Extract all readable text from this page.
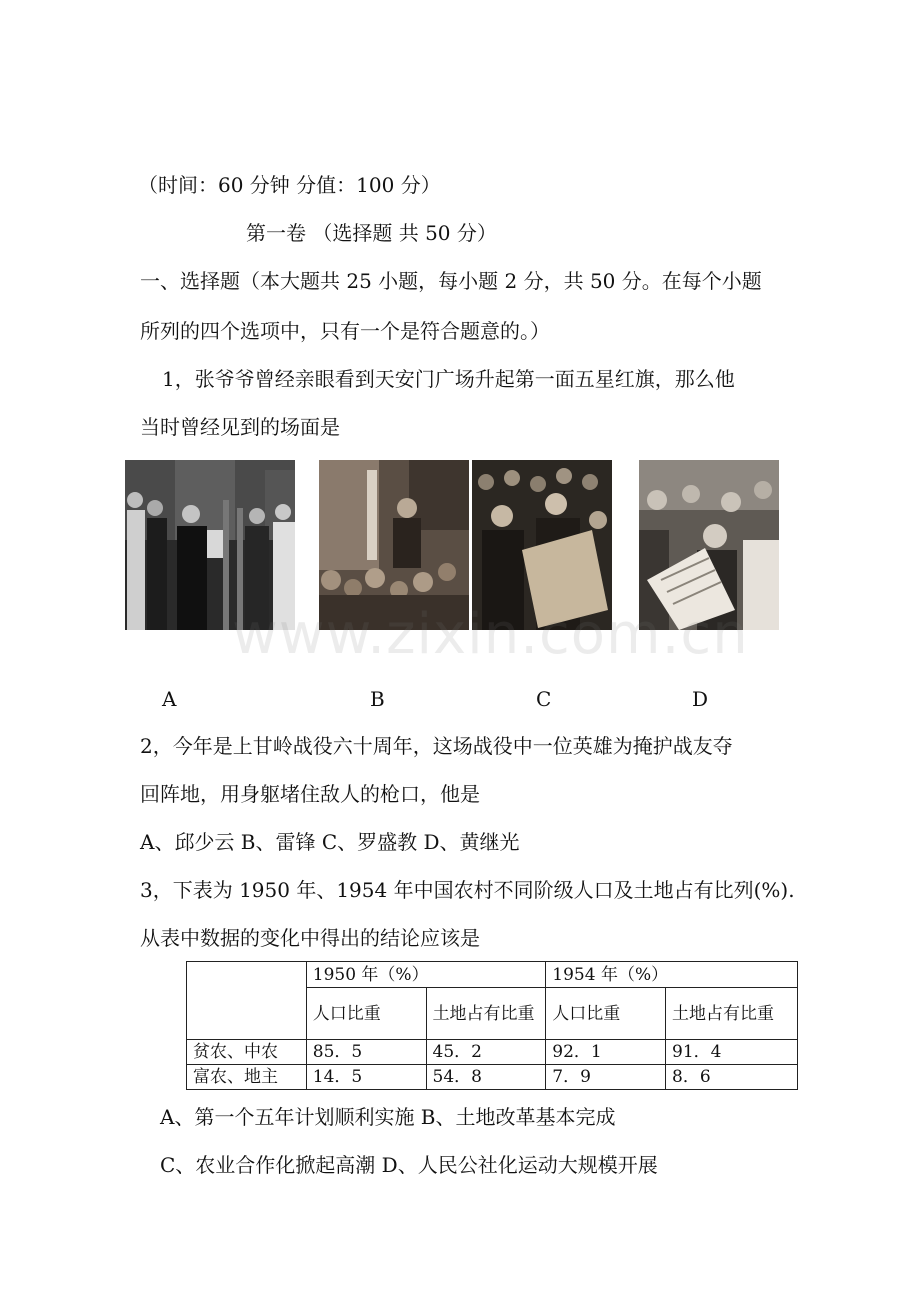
（时间：60 分钟 分值：100 分）
第一卷 （选择题 共 50 分）
一、选择题（本大题共 25 小题，每小题 2 分，共 50 分。在每个小题
所列的四个选项中，只有一个是符合题意的。）
1，张爷爷曾经亲眼看到天安门广场升起第一面五星红旗，那么他
当时曾经见到的场面是
www.zixin.com.cn
A	B	C	D
2，今年是上甘岭战役六十周年，这场战役中一位英雄为掩护战友夺
回阵地，用身躯堵住敌人的枪口，他是
A、邱少云 B、雷锋 C、罗盛教 D、黄继光
3，下表为 1950 年、1954 年中国农村不同阶级人口及土地占有比列(%).
从表中数据的变化中得出的结论应该是
	1950 年（%）		1954 年（%）	
	人口比重	土地占有比重	人口比重	土地占有比重
贫农、中农	85．5	45．2	92．1	91．4
富农、地主	14．5	54．8	7．9	8．6
A、第一个五年计划顺利实施 B、土地改革基本完成
C、农业合作化掀起高潮 D、人民公社化运动大规模开展
